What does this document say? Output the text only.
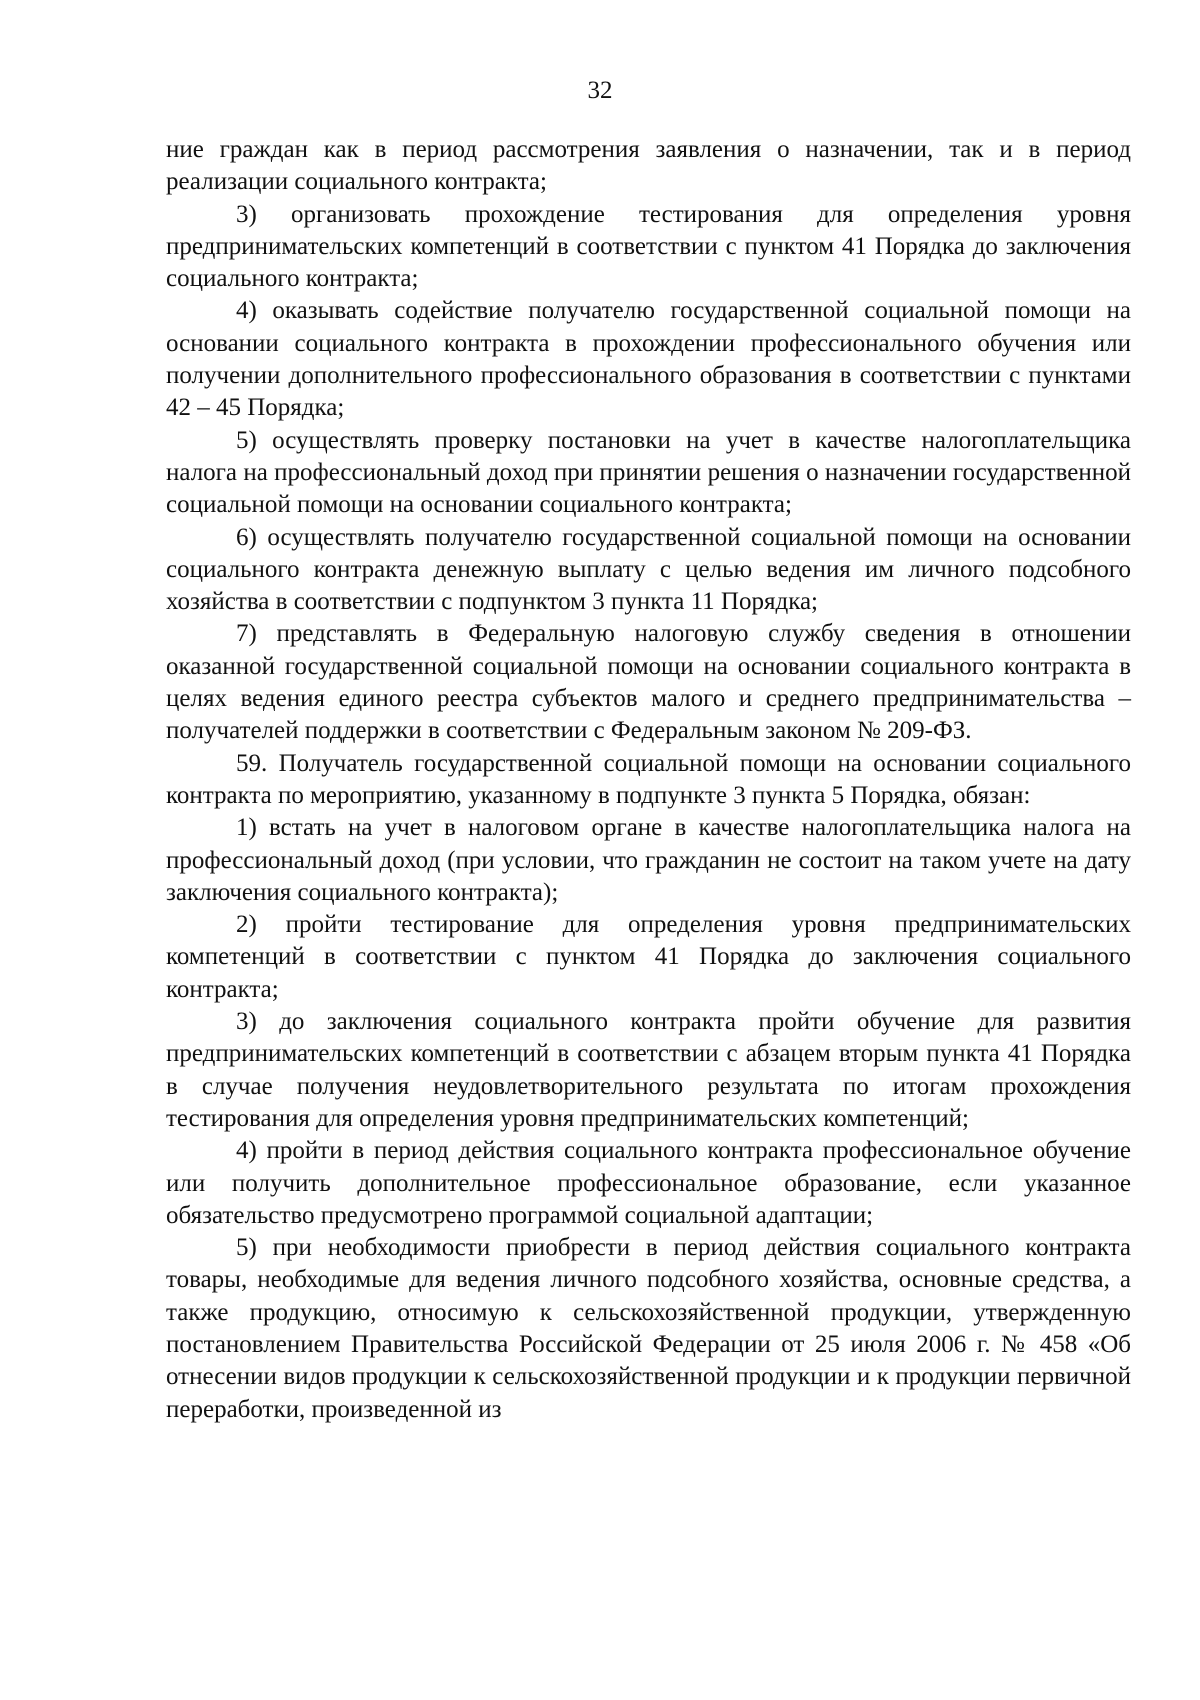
32

ние граждан как в период рассмотрения заявления о назначении, так и в период реализации социального контракта;

3) организовать прохождение тестирования для определения уровня предпринимательских компетенций в соответствии с пунктом 41 Порядка до заключения социального контракта;

4) оказывать содействие получателю государственной социальной помощи на основании социального контракта в прохождении профессионального обучения или получении дополнительного профессионального образования в соответствии с пунктами 42 – 45 Порядка;

5) осуществлять проверку постановки на учет в качестве налогоплательщика налога на профессиональный доход при принятии решения о назначении государственной социальной помощи на основании социального контракта;

6) осуществлять получателю государственной социальной помощи на основании социального контракта денежную выплату с целью ведения им личного подсобного хозяйства в соответствии с подпунктом 3 пункта 11 Порядка;

7) представлять в Федеральную налоговую службу сведения в отношении оказанной государственной социальной помощи на основании социального контракта в целях ведения единого реестра субъектов малого и среднего предпринимательства – получателей поддержки в соответствии с Федеральным законом № 209-ФЗ.

59. Получатель государственной социальной помощи на основании социального контракта по мероприятию, указанному в подпункте 3 пункта 5 Порядка, обязан:

1) встать на учет в налоговом органе в качестве налогоплательщика налога на профессиональный доход (при условии, что гражданин не состоит на таком учете на дату заключения социального контракта);

2) пройти тестирование для определения уровня предпринимательских компетенций в соответствии с пунктом 41 Порядка до заключения социального контракта;

3) до заключения социального контракта пройти обучение для развития предпринимательских компетенций в соответствии с абзацем вторым пункта 41 Порядка в случае получения неудовлетворительного результата по итогам прохождения тестирования для определения уровня предпринимательских компетенций;

4) пройти в период действия социального контракта профессиональное обучение или получить дополнительное профессиональное образование, если указанное обязательство предусмотрено программой социальной адаптации;

5) при необходимости приобрести в период действия социального контракта товары, необходимые для ведения личного подсобного хозяйства, основные средства, а также продукцию, относимую к сельскохозяйственной продукции, утвержденную постановлением Правительства Российской Федерации от 25 июля 2006 г. № 458 «Об отнесении видов продукции к сельскохозяйственной продукции и к продукции первичной переработки, произведенной из
